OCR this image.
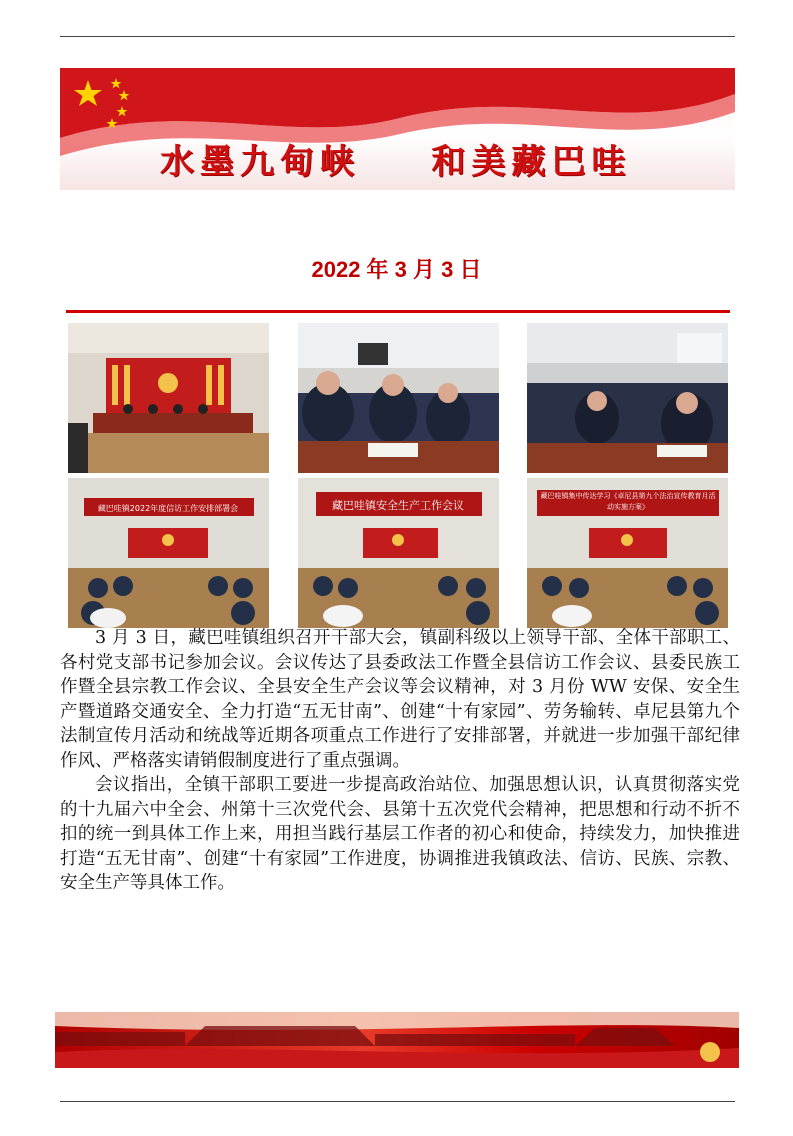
水墨九甸峡    和美藏巴哇
2022 年 3 月 3 日
藏巴哇镇2022年度信访工作安排部署会	藏巴哇镇安全生产工作会议
藏巴哇镇集中传达学习《卓尼县第九个法治宣传教育月活动实施方案》

3 月 3 日，藏巴哇镇组织召开干部大会，镇副科级以上领导干部、全体干部职工、各村党支部书记参加会议。会议传达了县委政法工作暨全县信访工作会议、县委民族工作暨全县宗教工作会议、全县安全生产会议等会议精神，对 3 月份 WW 安保、安全生产暨道路交通安全、全力打造“五无甘南”、创建“十有家园”、劳务输转、卓尼县第九个法制宣传月活动和统战等近期各项重点工作进行了安排部署，并就进一步加强干部纪律作风、严格落实请销假制度进行了重点强调。

会议指出，全镇干部职工要进一步提高政治站位、加强思想认识，认真贯彻落实党的十九届六中全会、州第十三次党代会、县第十五次党代会精神，把思想和行动不折不扣的统一到具体工作上来，用担当践行基层工作者的初心和使命，持续发力，加快推进打造“五无甘南”、创建“十有家园”工作进度，协调推进我镇政法、信访、民族、宗教、安全生产等具体工作。
